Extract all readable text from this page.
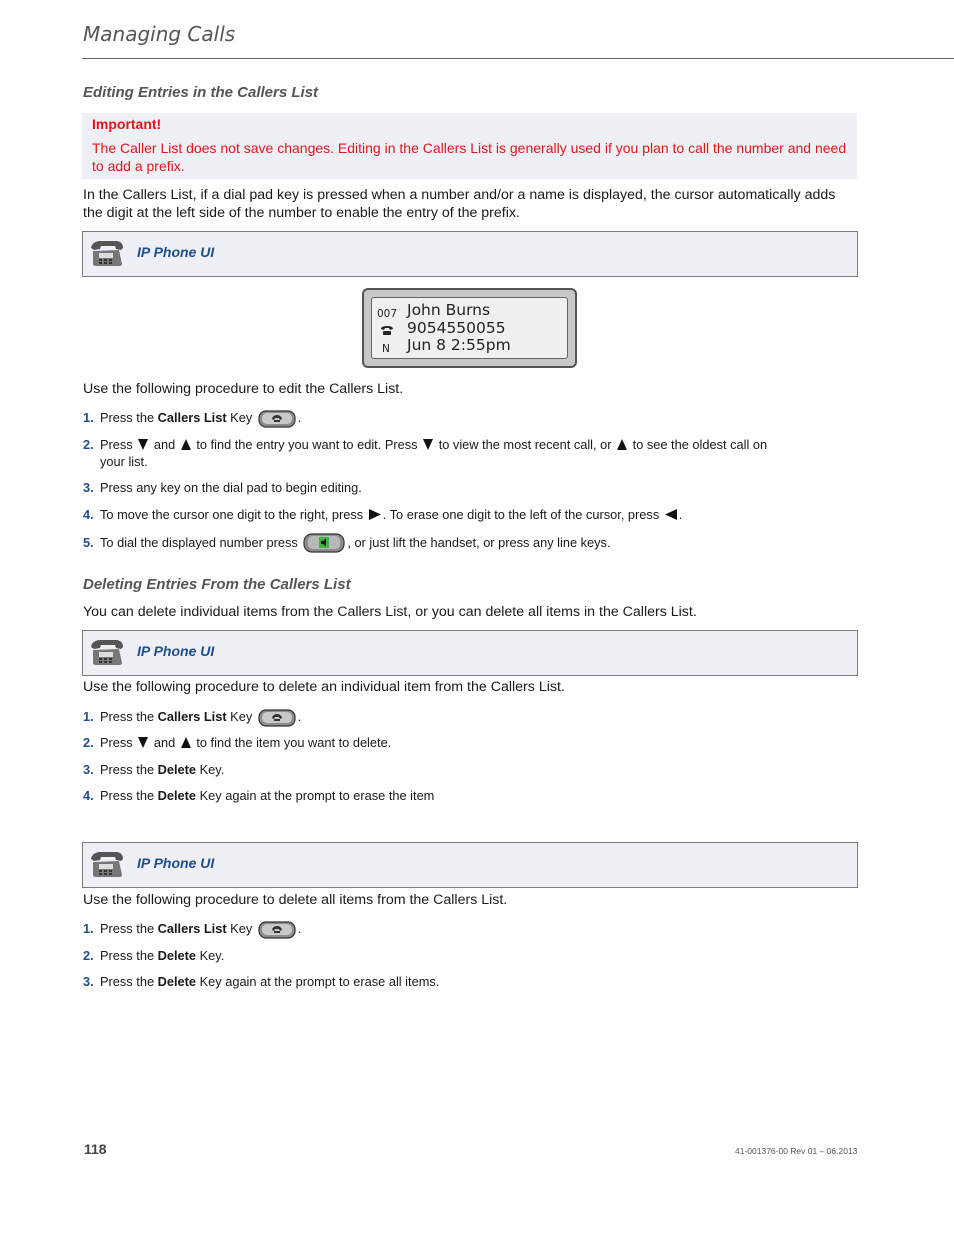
Managing Calls
Editing Entries in the Callers List
Important!
The Caller List does not save changes. Editing in the Callers List is generally used if you plan to call the number and need to add a prefix.
In the Callers List, if a dial pad key is pressed when a number and/or a name is displayed, the cursor automatically adds the digit at the left side of the number to enable the entry of the prefix.
IP Phone UI
007 John Burns
9054550055
N Jun 8 2:55pm
Use the following procedure to edit the Callers List.
1. Press the Callers List Key	.
2. Press and to find the entry you want to edit. Press to view the most recent call, or to see the oldest call on
your list.
3. Press any key on the dial pad to begin editing.
4. To move the cursor one digit to the right, press . To erase one digit to the left of the cursor, press .
5. To dial the displayed number press	, or just lift the handset, or press any line keys.
Deleting Entries From the Callers List
You can delete individual items from the Callers List, or you can delete all items in the Callers List.
IP Phone UI
Use the following procedure to delete an individual item from the Callers List.
1. Press the Callers List Key	.
2. Press and to find the item you want to delete.
3. Press the Delete Key.
4. Press the Delete Key again at the prompt to erase the item
IP Phone UI
Use the following procedure to delete all items from the Callers List.
1. Press the Callers List Key	.
2. Press the Delete Key.
3. Press the Delete Key again at the prompt to erase all items.
118	41-001376-00 Rev 01 – 06.2013
